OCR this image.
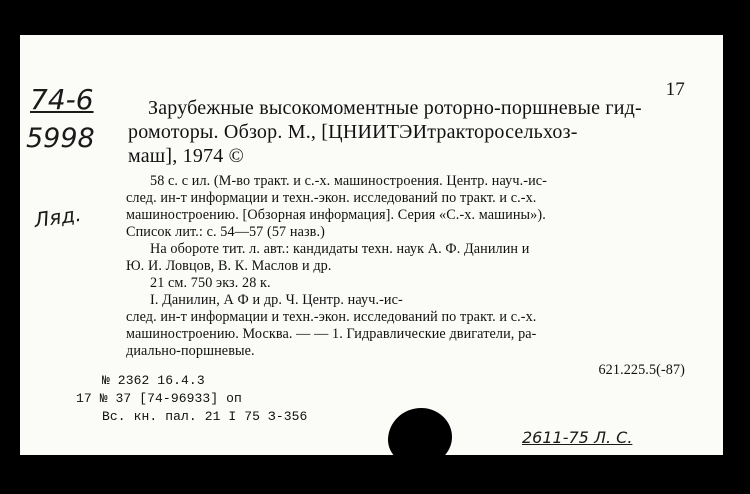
17
74-6
5998
Ляд.
2611-75 Л. С.
Зарубежные высокомоментные роторно-поршневые гид-
ромоторы. Обзор. М., [ЦНИИТЭИтракторосельхоз-
маш], 1974 ©
58 с. с ил. (М-во тракт. и с.-х. машиностроения. Центр. науч.-ис-
след. ин-т информации и техн.-экон. исследований по тракт. и с.-х.
машиностроению. [Обзорная информация]. Серия «С.-х. машины»).
Список лит.: с. 54—57 (57 назв.)
На обороте тит. л. авт.: кандидаты техн. наук А. Ф. Данилин и
Ю. И. Ловцов, В. К. Маслов и др.
21 см. 750 экз. 28 к.
I. Данилин, А Ф и др. Ч. Центр. науч.-ис-
след. ин-т информации и техн.-экон. исследований по тракт. и с.-х.
машиностроению. Москва. — — 1. Гидравлические двигатели, ра-
диально-поршневые.
621.225.5(-87)
№ 2362 16.4.3
17 № 37 [74-96933] оп
Вс. кн. пал. 21 I 75 З-356
